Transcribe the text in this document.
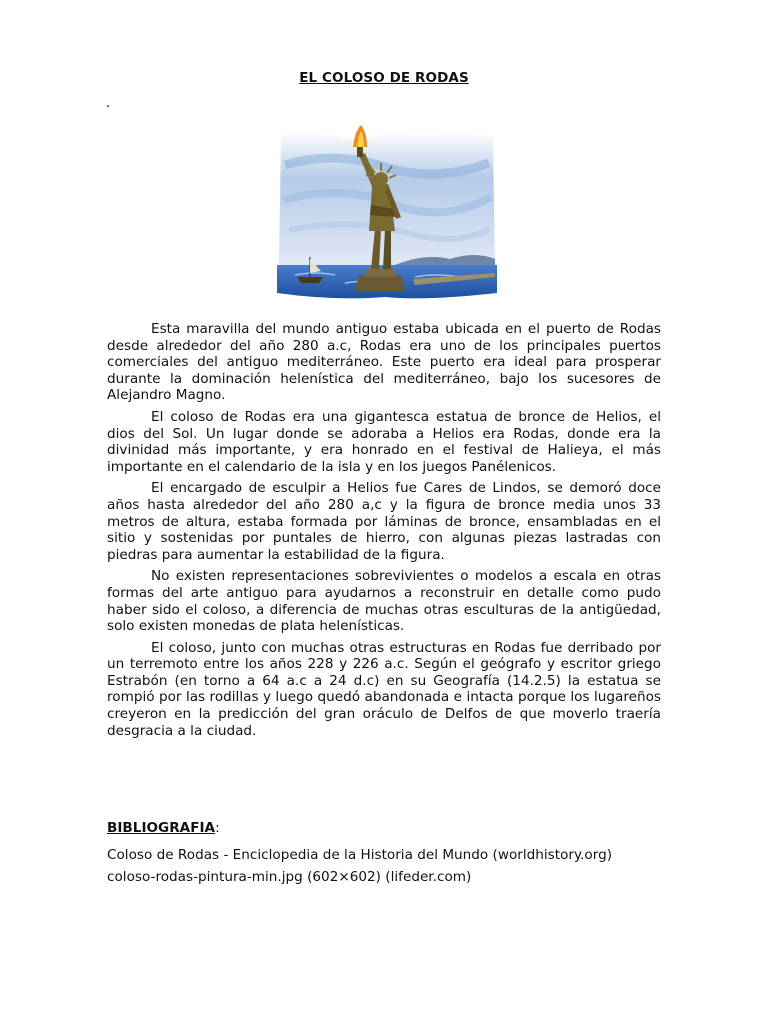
EL COLOSO DE RODAS
.

Esta maravilla del mundo antiguo estaba ubicada en el puerto de Rodas desde alrededor del año 280 a.c, Rodas era uno de los principales puertos comerciales del antiguo mediterráneo. Este puerto era ideal para prosperar durante la dominación helenística del mediterráneo, bajo los sucesores de Alejandro Magno.

El coloso de Rodas era una gigantesca estatua de bronce de Helios, el dios del Sol. Un lugar donde se adoraba a Helios era Rodas, donde era la divinidad más importante, y era honrado en el festival de Halieya, el más importante en el calendario de la isla y en los juegos Panélenicos.

El encargado de esculpir a Helios fue Cares de Lindos, se demoró doce años hasta alrededor del año 280 a,c y la figura de bronce media unos 33 metros de altura, estaba formada por láminas de bronce, ensambladas en el sitio y sostenidas por puntales de hierro, con algunas piezas lastradas con piedras para aumentar la estabilidad de la figura.

No existen representaciones sobrevivientes o modelos a escala en otras formas del arte antiguo para ayudarnos a reconstruir en detalle como pudo haber sido el coloso, a diferencia de muchas otras esculturas de la antigüedad, solo existen monedas de plata helenísticas.

El coloso, junto con muchas otras estructuras en Rodas fue derribado por un terremoto entre los años 228 y 226 a.c. Según el geógrafo y escritor griego Estrabón (en torno a 64 a.c a 24 d.c) en su Geografía (14.2.5) la estatua se rompió por las rodillas y luego quedó abandonada e intacta porque los lugareños creyeron en la predicción del gran oráculo de Delfos de que moverlo traería desgracia a la ciudad.

BIBLIOGRAFIA:

Coloso de Rodas - Enciclopedia de la Historia del Mundo (worldhistory.org)

coloso-rodas-pintura-min.jpg (602×602) (lifeder.com)
